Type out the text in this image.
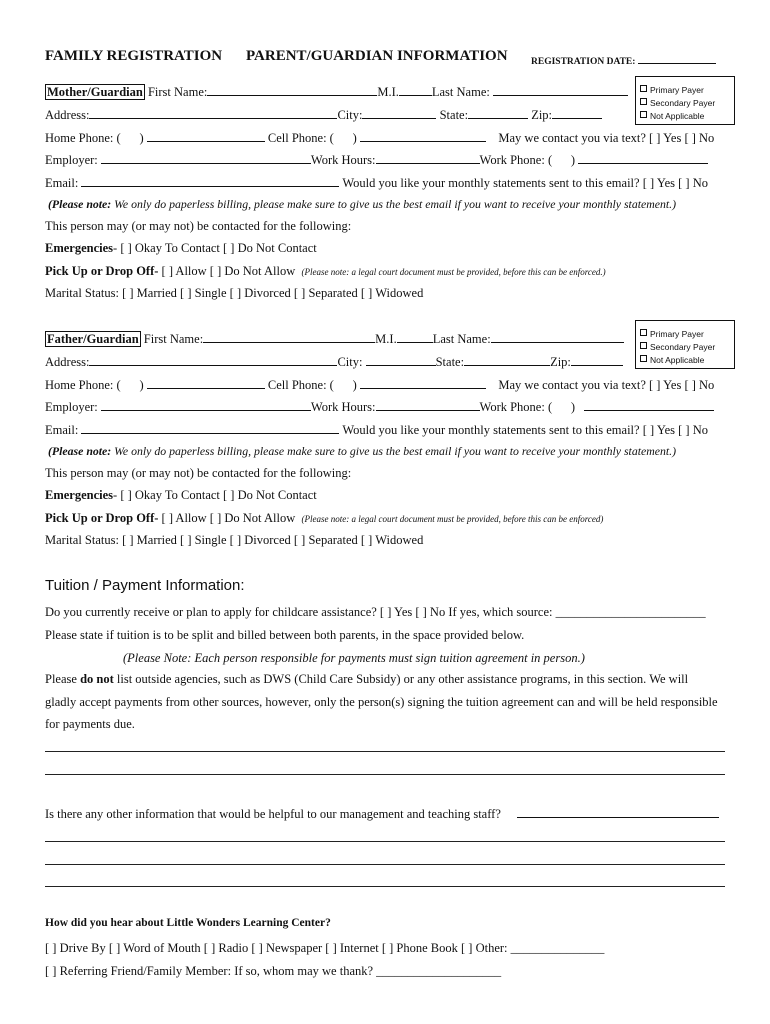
FAMILY REGISTRATION PARENT/GUARDIAN INFORMATION REGISTRATION DATE:
Primary Payer
Secondary Payer
Not Applicable
Mother/Guardian First Name:	M.I.	Last Name:
Address:	City:	State:	Zip:
Home Phone: ( )	Cell Phone: ( )	May we contact you via text? [ ] Yes [ ] No
Employer:	Work Hours:	Work Phone: ( )
Email:	Would you like your monthly statements sent to this email? [ ] Yes [ ] No
(Please note: We only do paperless billing, please make sure to give us the best email if you want to receive your monthly statement.)
This person may (or may not) be contacted for the following:
Emergencies- [ ] Okay To Contact [ ] Do Not Contact
Pick Up or Drop Off- [ ] Allow [ ] Do Not Allow (Please note: a legal court document must be provided, before this can be enforced.)
Marital Status: [ ] Married [ ] Single [ ] Divorced [ ] Separated [ ] Widowed
Primary Payer
Secondary Payer
Not Applicable
Father/Guardian First Name:	M.I.	Last Name:
Address:	City:	State:	Zip:
Home Phone: ( )	Cell Phone: ( )	May we contact you via text? [ ] Yes [ ] No
Employer:	Work Hours:	Work Phone: ( )
Email:	Would you like your monthly statements sent to this email? [ ] Yes [ ] No
(Please note: We only do paperless billing, please make sure to give us the best email if you want to receive your monthly statement.)
This person may (or may not) be contacted for the following:
Emergencies- [ ] Okay To Contact [ ] Do Not Contact
Pick Up or Drop Off- [ ] Allow [ ] Do Not Allow (Please note: a legal court document must be provided, before this can be enforced)
Marital Status: [ ] Married [ ] Single [ ] Divorced [ ] Separated [ ] Widowed
Tuition / Payment Information:
Do you currently receive or plan to apply for childcare assistance? [ ] Yes [ ] No If yes, which source: ________________________
Please state if tuition is to be split and billed between both parents, in the space provided below.
(Please Note: Each person responsible for payments must sign tuition agreement in person.)
Please do not list outside agencies, such as DWS (Child Care Subsidy) or any other assistance programs, in this section. We will
gladly accept payments from other sources, however, only the person(s) signing the tuition agreement can and will be held responsible
for payments due.
Is there any other information that would be helpful to our management and teaching staff?
How did you hear about Little Wonders Learning Center?
[ ] Drive By [ ] Word of Mouth [ ] Radio [ ] Newspaper [ ] Internet [ ] Phone Book [ ] Other: _______________
[ ] Referring Friend/Family Member: If so, whom may we thank? ____________________
